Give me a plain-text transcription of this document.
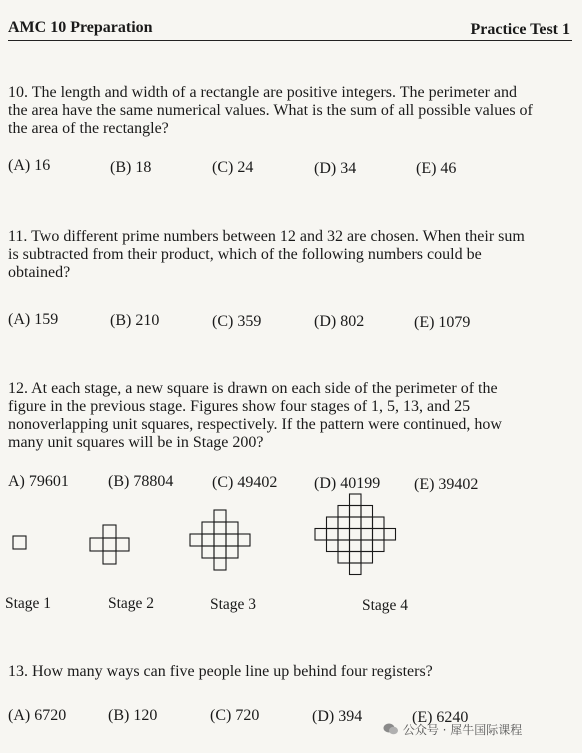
AMC 10 Preparation	Practice Test 1

10. The length and width of a rectangle are positive integers. The perimeter and

the area have the same numerical values. What is the sum of all possible values of

the area of the rectangle?

(A) 16	(B) 18	(C) 24	(D) 34	(E) 46

11. Two different prime numbers between 12 and 32 are chosen. When their sum

is subtracted from their product, which of the following numbers could be

obtained?

(A) 159	(B) 210	(C) 359	(D) 802	(E) 1079

12. At each stage, a new square is drawn on each side of the perimeter of the

figure in the previous stage. Figures show four stages of 1, 5, 13, and 25

nonoverlapping unit squares, respectively. If the pattern were continued, how

many unit squares will be in Stage 200?

A) 79601 (B) 78804 (C) 49402 (D) 40199 (E) 39402
Stage 1	Stage 2	Stage 3	Stage 4

13. How many ways can five people line up behind four registers?

(A) 6720	(B) 120	(C) 720	(D) 394	(E) 6240
公众号 · 犀牛国际课程
